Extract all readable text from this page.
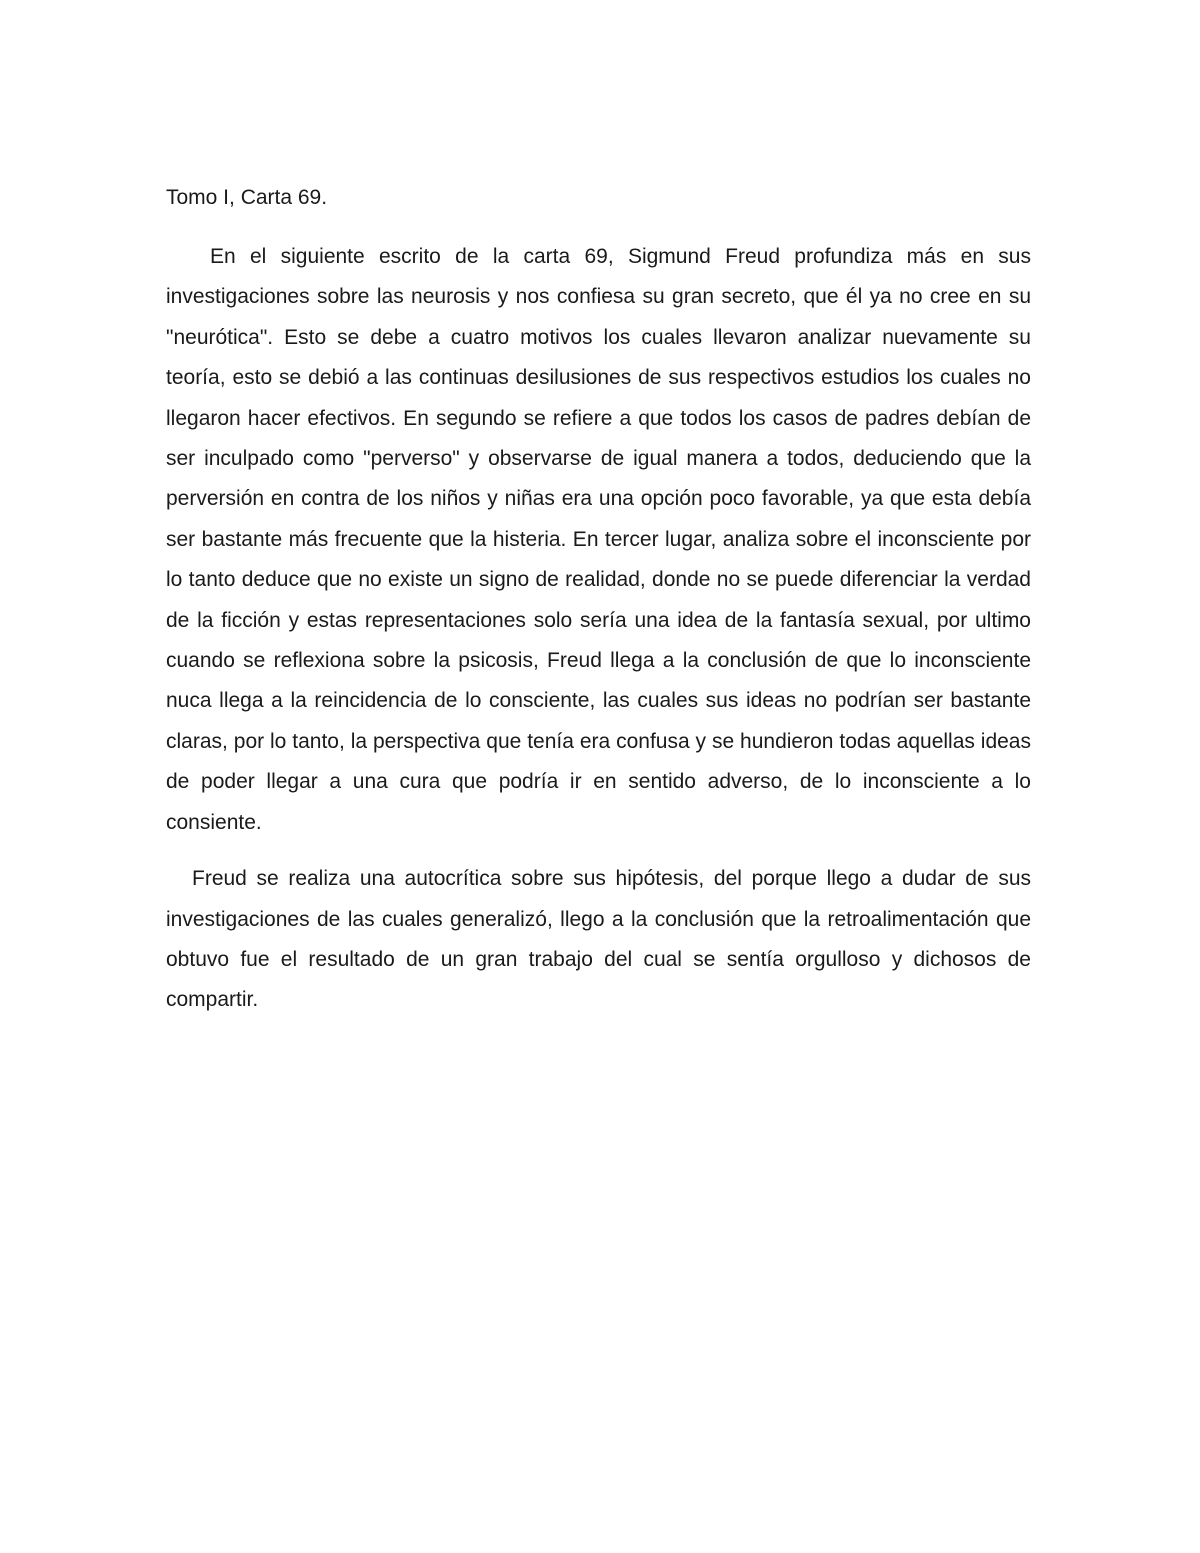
Tomo I, Carta 69.

En el siguiente escrito de la carta 69, Sigmund Freud profundiza más en sus investigaciones sobre las neurosis y nos confiesa su gran secreto, que él ya no cree en su "neurótica". Esto se debe a cuatro motivos los cuales llevaron analizar nuevamente su teoría, esto se debió a las continuas desilusiones de sus respectivos estudios los cuales no llegaron hacer efectivos. En segundo se refiere a que todos los casos de padres debían de ser inculpado como "perverso" y observarse de igual manera a todos, deduciendo que la perversión en contra de los niños y niñas era una opción poco favorable, ya que esta debía ser bastante más frecuente que la histeria. En tercer lugar, analiza sobre el inconsciente por lo tanto deduce que no existe un signo de realidad, donde no se puede diferenciar la verdad de la ficción y estas representaciones solo sería una idea de la fantasía sexual, por ultimo cuando se reflexiona sobre la psicosis, Freud llega a la conclusión de que lo inconsciente nuca llega a la reincidencia de lo consciente, las cuales sus ideas no podrían ser bastante claras, por lo tanto, la perspectiva que tenía era confusa y se hundieron todas aquellas ideas de poder llegar a una cura que podría ir en sentido adverso, de lo inconsciente a lo consiente.

Freud se realiza una autocrítica sobre sus hipótesis, del porque llego a dudar de sus investigaciones de las cuales generalizó, llego a la conclusión que la retroalimentación que obtuvo fue el resultado de un gran trabajo del cual se sentía orgulloso y dichosos de compartir.
